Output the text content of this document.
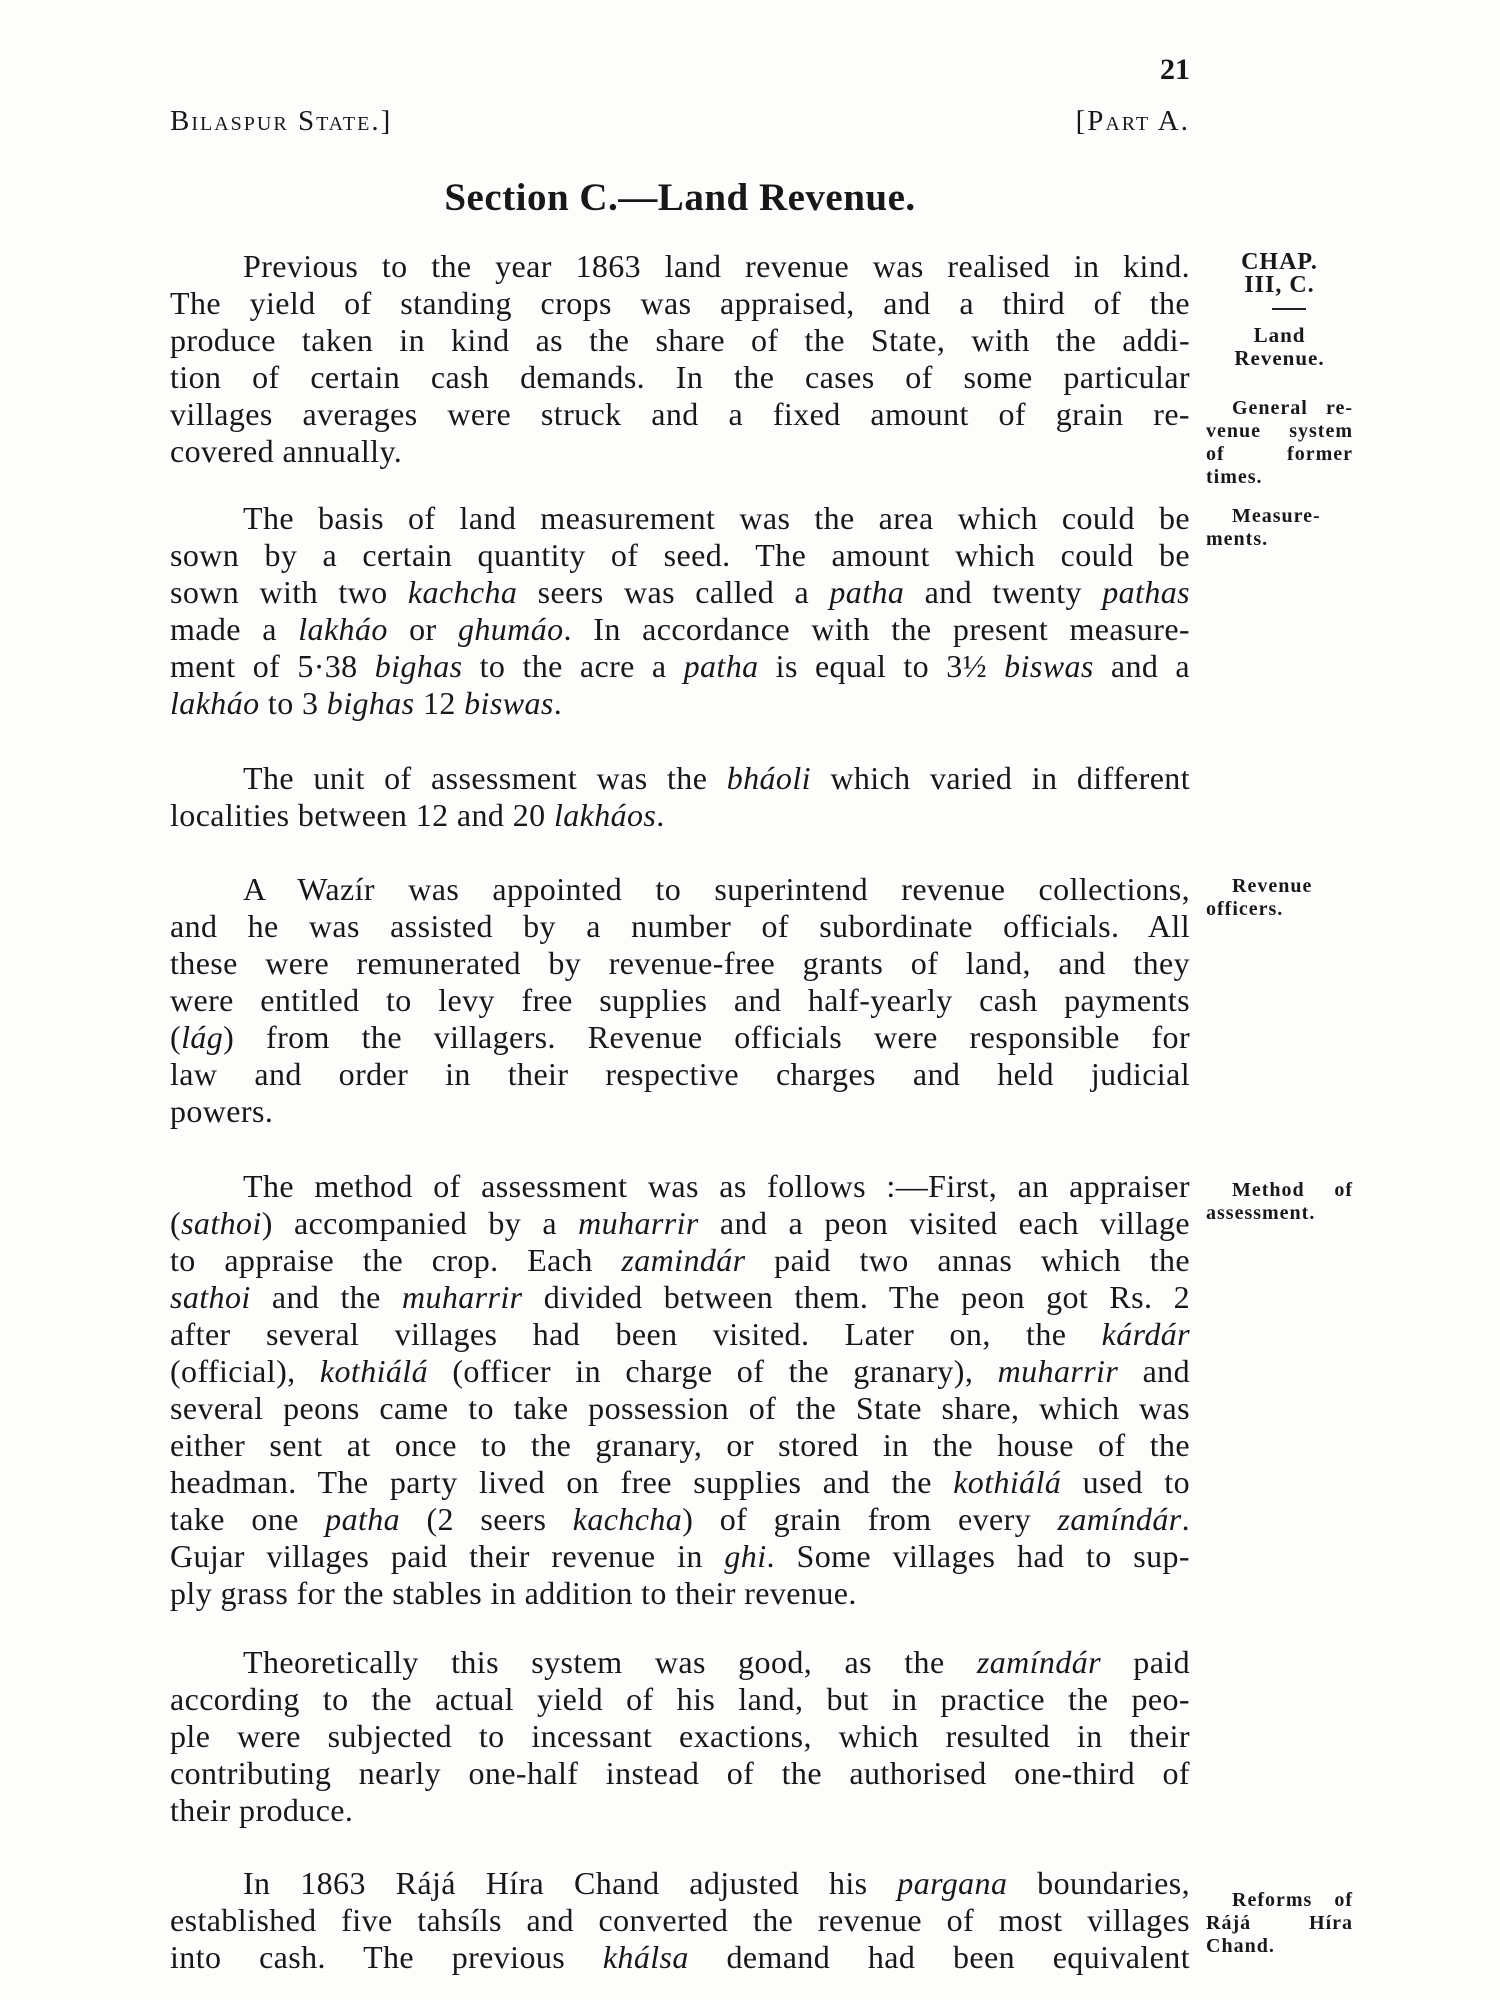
21
Bilaspur State.]	[Part A.
Section C.—Land Revenue.
Previous to the year 1863 land revenue was realised in kind.
The yield of standing crops was appraised, and a third of the
produce taken in kind as the share of the State, with the addi-
tion of certain cash demands. In the cases of some particular
villages averages were struck and a fixed amount of grain re-
covered annually.
The basis of land measurement was the area which could be
sown by a certain quantity of seed. The amount which could be
sown with two kachcha seers was called a patha and twenty pathas
made a lakháo or ghumáo. In accordance with the present measure-
ment of 5·38 bighas to the acre a patha is equal to 3½ biswas and a
lakháo to 3 bighas 12 biswas.
The unit of assessment was the bháoli which varied in different
localities between 12 and 20 lakháos.
A Wazír was appointed to superintend revenue collections,
and he was assisted by a number of subordinate officials. All
these were remunerated by revenue-free grants of land, and they
were entitled to levy free supplies and half-yearly cash payments
(lág) from the villagers. Revenue officials were responsible for
law and order in their respective charges and held judicial
powers.
The method of assessment was as follows :—First, an appraiser
(sathoi) accompanied by a muharrir and a peon visited each village
to appraise the crop. Each zamindár paid two annas which the
sathoi and the muharrir divided between them. The peon got Rs. 2
after several villages had been visited. Later on, the kárdár
(official), kothiálá (officer in charge of the granary), muharrir and
several peons came to take possession of the State share, which was
either sent at once to the granary, or stored in the house of the
headman. The party lived on free supplies and the kothiálá used to
take one patha (2 seers kachcha) of grain from every zamíndár.
Gujar villages paid their revenue in ghi. Some villages had to sup-
ply grass for the stables in addition to their revenue.
Theoretically this system was good, as the zamíndár paid
according to the actual yield of his land, but in practice the peo-
ple were subjected to incessant exactions, which resulted in their
contributing nearly one-half instead of the authorised one-third of
their produce.
In 1863 Rájá Híra Chand adjusted his pargana boundaries,
established five tahsíls and converted the revenue of most villages
into cash. The previous khálsa demand had been equivalent
CHAP.
III, C.
Land
Revenue.
General re-
venue system
of former
times.
Measure-
ments.
Revenue
officers.
Method of
assessment.
Reforms of
Rájá Híra
Chand.
